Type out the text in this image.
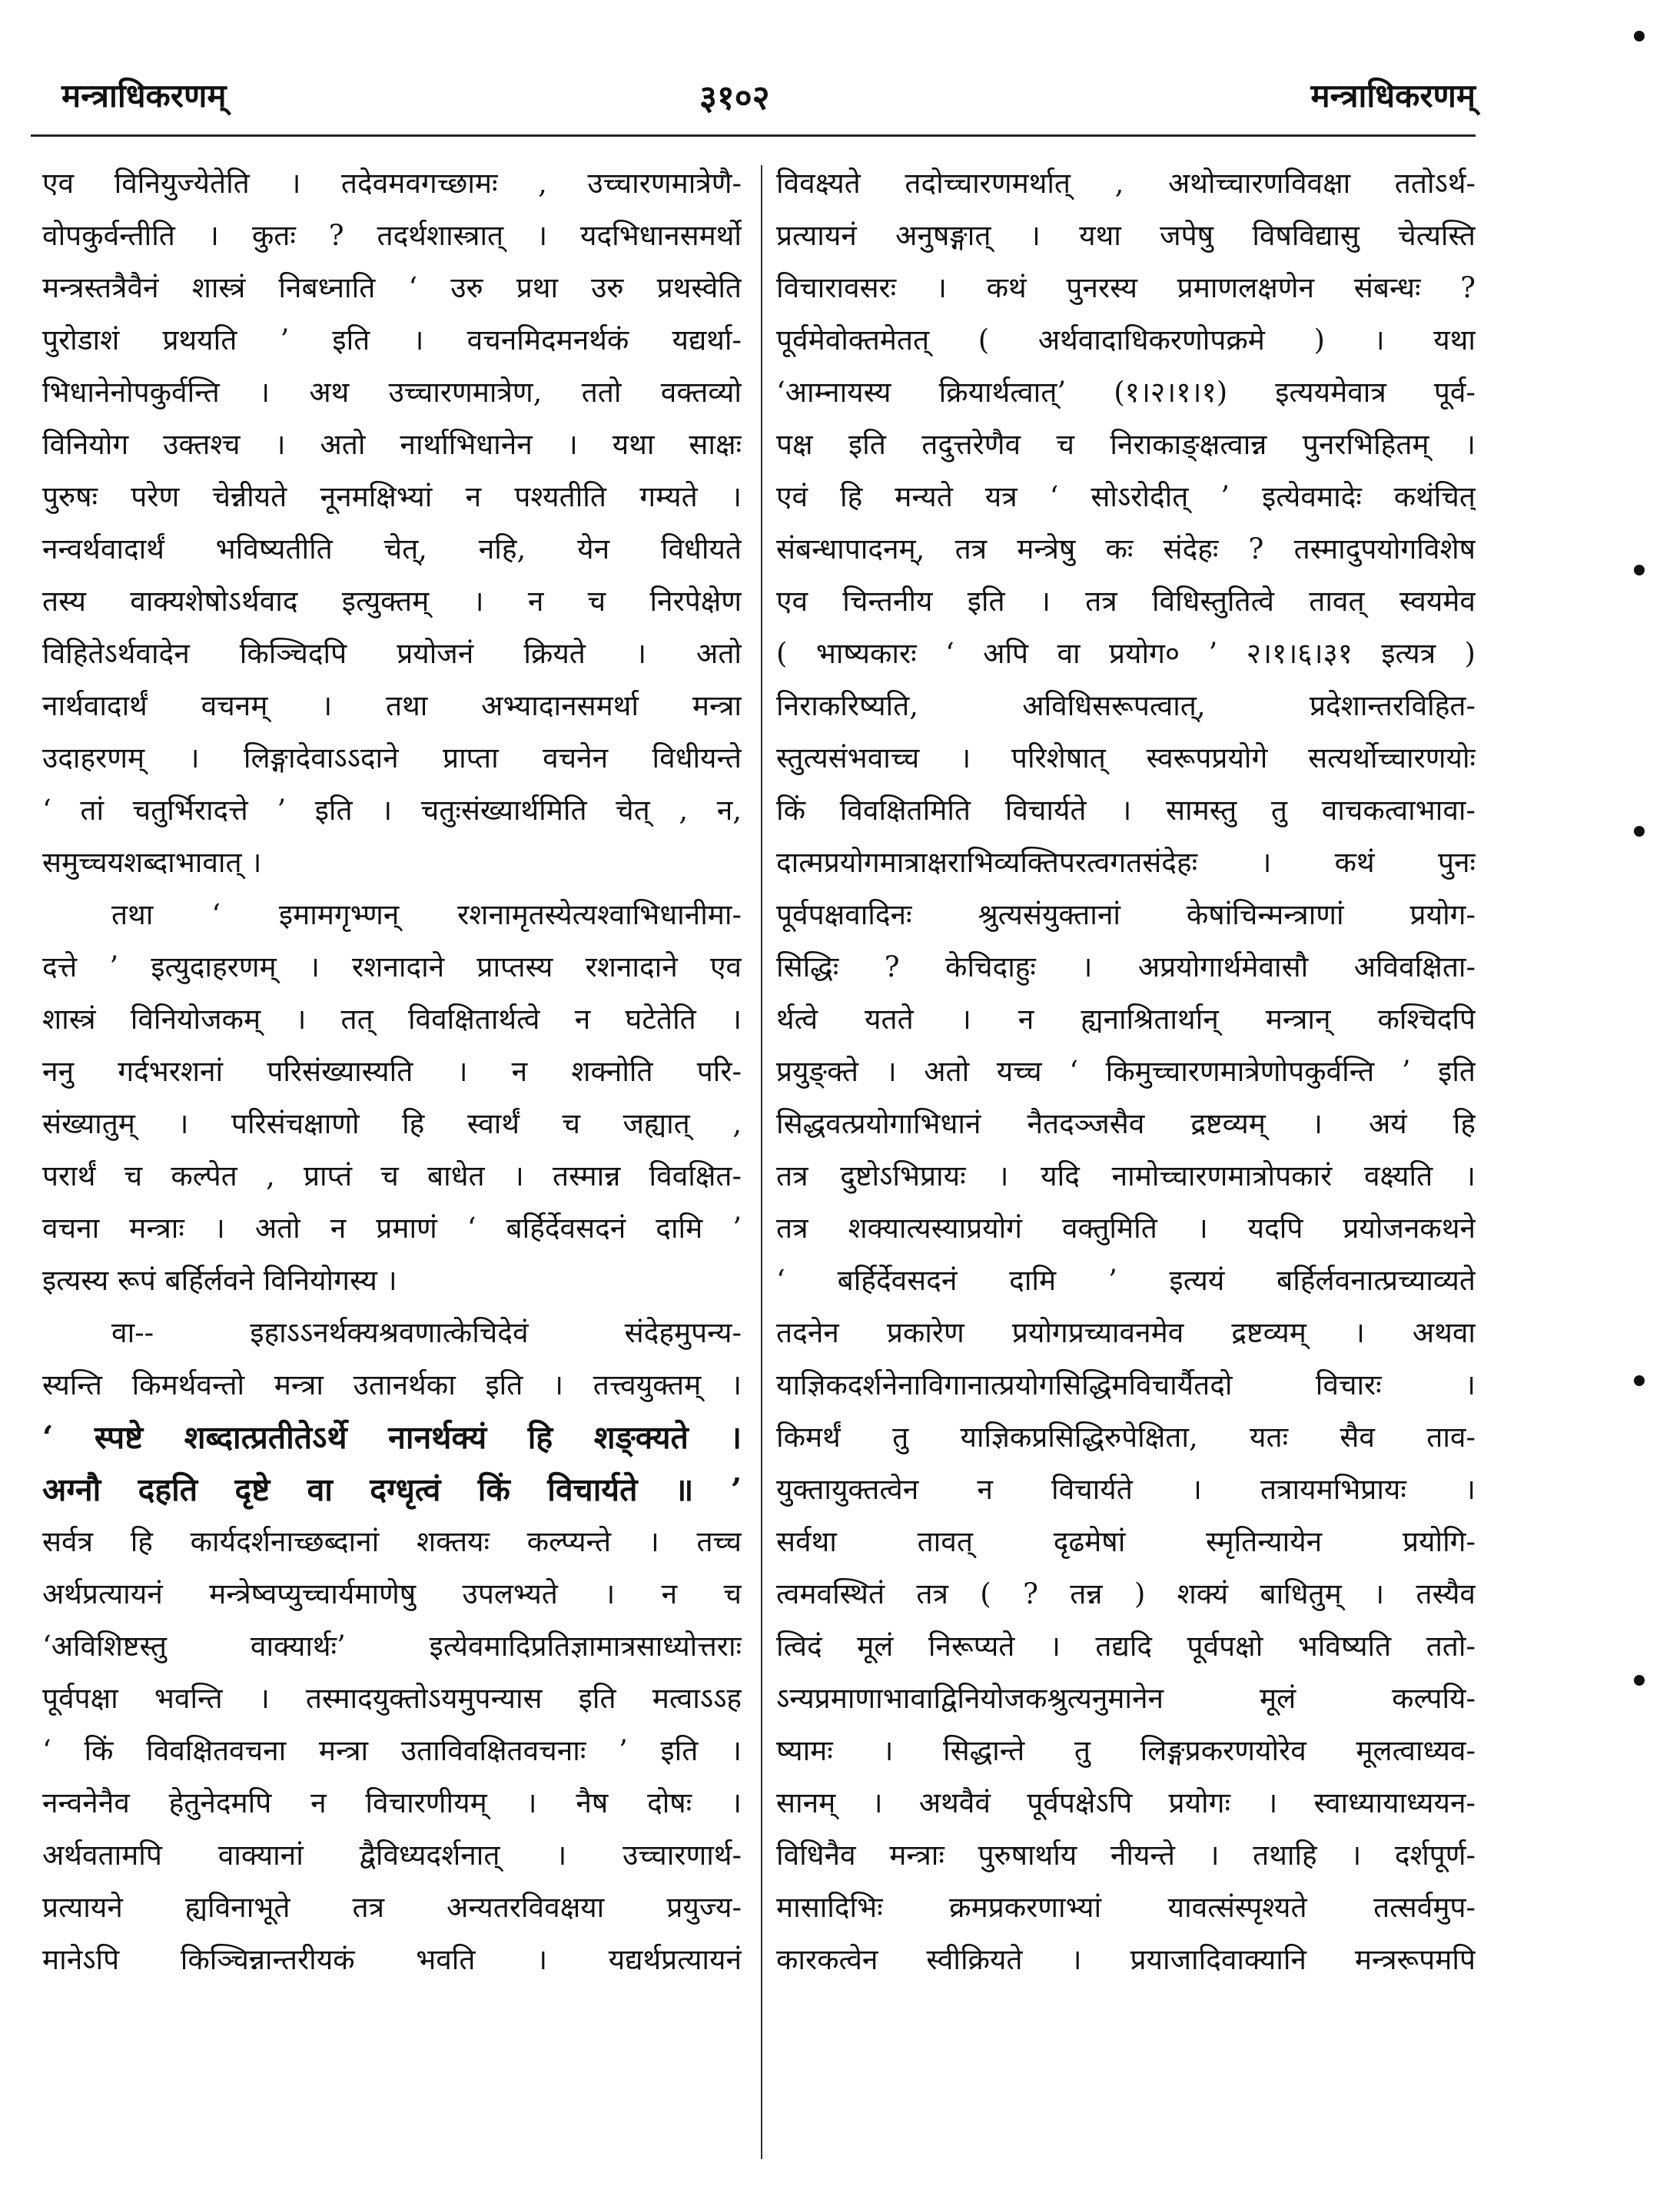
मन्त्राधिकरणम्	३१०२	मन्त्राधिकरणम्
एव विनियुज्येतेति । तदेवमवगच्छामः , उच्चारणमात्रेणै-
वोपकुर्वन्तीति । कुतः ? तदर्थशास्त्रात् । यदभिधानसमर्थो
मन्त्रस्तत्रैवैनं शास्त्रं निबध्नाति ‘ उरु प्रथा उरु प्रथस्वेति
पुरोडाशं प्रथयति ’ इति । वचनमिदमनर्थकं यद्यर्था-
भिधानेनोपकुर्वन्ति । अथ उच्चारणमात्रेण, ततो वक्तव्यो
विनियोग उक्तश्च । अतो नार्थाभिधानेन । यथा साक्षः
पुरुषः परेण चेन्नीयते नूनमक्षिभ्यां न पश्यतीति गम्यते ।
नन्वर्थवादार्थं भविष्यतीति चेत्, नहि, येन विधीयते
तस्य वाक्यशेषोऽर्थवाद इत्युक्तम् । न च निरपेक्षेण
विहितेऽर्थवादेन किञ्चिदपि प्रयोजनं क्रियते । अतो
नार्थवादार्थं वचनम् । तथा अभ्यादानसमर्था मन्त्रा
उदाहरणम् । लिङ्गादेवाऽऽदाने प्राप्ता वचनेन विधीयन्ते
‘ तां चतुर्भिरादत्ते ’ इति । चतुःसंख्यार्थमिति चेत् , न,
समुच्चयशब्दाभावात् ।
तथा ‘ इमामगृभ्णन् रशनामृतस्येत्यश्वाभिधानीमा-
दत्ते ’ इत्युदाहरणम् । रशनादाने प्राप्तस्य रशनादाने एव
शास्त्रं विनियोजकम् । तत् विवक्षितार्थत्वे न घटेतेति ।
ननु गर्दभरशनां परिसंख्यास्यति । न शक्नोति परि-
संख्यातुम् । परिसंचक्षाणो हि स्वार्थं च जह्यात् ,
परार्थं च कल्पेत , प्राप्तं च बाधेत । तस्मान्न विवक्षित-
वचना मन्त्राः । अतो न प्रमाणं ‘ बर्हिर्देवसदनं दामि ’
इत्यस्य रूपं बर्हिर्लवने विनियोगस्य ।
वा-- इहाऽऽनर्थक्यश्रवणात्केचिदेवं संदेहमुपन्य-
स्यन्ति किमर्थवन्तो मन्त्रा उतानर्थका इति । तत्त्वयुक्तम् ।
‘ स्पष्टे शब्दात्प्रतीतेऽर्थे नानर्थक्यं हि शङ्क्यते ।
अग्नौ दहति दृष्टे वा दग्धृत्वं किं विचार्यते ॥ ’
सर्वत्र हि कार्यदर्शनाच्छब्दानां शक्तयः कल्प्यन्ते । तच्च
अर्थप्रत्यायनं मन्त्रेष्वप्युच्चार्यमाणेषु उपलभ्यते । न च
‘अविशिष्टस्तु वाक्यार्थः’ इत्येवमादिप्रतिज्ञामात्रसाध्योत्तराः
पूर्वपक्षा भवन्ति । तस्मादयुक्तोऽयमुपन्यास इति मत्वाऽऽह
‘ किं विवक्षितवचना मन्त्रा उताविवक्षितवचनाः ’ इति ।
नन्वनेनैव हेतुनेदमपि न विचारणीयम् । नैष दोषः ।
अर्थवतामपि वाक्यानां द्वैविध्यदर्शनात् । उच्चारणार्थ-
प्रत्यायने ह्यविनाभूते तत्र अन्यतरविवक्षया प्रयुज्य-
मानेऽपि किञ्चिन्नान्तरीयकं भवति । यद्यर्थप्रत्यायनं
विवक्ष्यते तदोच्चारणमर्थात् , अथोच्चारणविवक्षा ततोऽर्थ-
प्रत्यायनं अनुषङ्गात् । यथा जपेषु विषविद्यासु चेत्यस्ति
विचारावसरः । कथं पुनरस्य प्रमाणलक्षणेन संबन्धः ?
पूर्वमेवोक्तमेतत् ( अर्थवादाधिकरणोपक्रमे ) । यथा
‘आम्नायस्य क्रियार्थत्वात्’ (१।२।१।१) इत्ययमेवात्र पूर्व-
पक्ष इति तदुत्तरेणैव च निराकाङ्क्षत्वान्न पुनरभिहितम् ।
एवं हि मन्यते यत्र ‘ सोऽरोदीत् ’ इत्येवमादेः कथंचित्
संबन्धापादनम्, तत्र मन्त्रेषु कः संदेहः ? तस्मादुपयोगविशेष
एव चिन्तनीय इति । तत्र विधिस्तुतित्वे तावत् स्वयमेव
( भाष्यकारः ‘ अपि वा प्रयोग० ’ २।१।६।३१ इत्यत्र )
निराकरिष्यति, अविधिसरूपत्वात्, प्रदेशान्तरविहित-
स्तुत्यसंभवाच्च । परिशेषात् स्वरूपप्रयोगे सत्यर्थोच्चारणयोः
किं विवक्षितमिति विचार्यते । सामस्तु तु वाचकत्वाभावा-
दात्मप्रयोगमात्राक्षराभिव्यक्तिपरत्वगतसंदेहः । कथं पुनः
पूर्वपक्षवादिनः श्रुत्यसंयुक्तानां केषांचिन्मन्त्राणां प्रयोग-
सिद्धिः ? केचिदाहुः । अप्रयोगार्थमेवासौ अविवक्षिता-
र्थत्वे यतते । न ह्यनाश्रितार्थान् मन्त्रान् कश्चिदपि
प्रयुङ्क्ते । अतो यच्च ‘ किमुच्चारणमात्रेणोपकुर्वन्ति ’ इति
सिद्धवत्प्रयोगाभिधानं नैतदञ्जसैव द्रष्टव्यम् । अयं हि
तत्र दुष्टोऽभिप्रायः । यदि नामोच्चारणमात्रोपकारं वक्ष्यति ।
तत्र शक्यात्यस्याप्रयोगं वक्तुमिति । यदपि प्रयोजनकथने
‘ बर्हिर्देवसदनं दामि ’ इत्ययं बर्हिर्लवनात्प्रच्याव्यते
तदनेन प्रकारेण प्रयोगप्रच्यावनमेव द्रष्टव्यम् । अथवा
याज्ञिकदर्शनेनाविगानात्प्रयोगसिद्धिमविचार्यैतदो विचारः ।
किमर्थं तु याज्ञिकप्रसिद्धिरुपेक्षिता, यतः सैव ताव-
युक्तायुक्तत्वेन न विचार्यते । तत्रायमभिप्रायः ।
सर्वथा तावत् दृढमेषां स्मृतिन्यायेन प्रयोगि-
त्वमवस्थितं तत्र ( ? तन्न ) शक्यं बाधितुम् । तस्यैव
त्विदं मूलं निरूप्यते । तद्यदि पूर्वपक्षो भविष्यति ततो-
ऽन्यप्रमाणाभावाद्विनियोजकश्रुत्यनुमानेन मूलं कल्पयि-
ष्यामः । सिद्धान्ते तु लिङ्गप्रकरणयोरेव मूलत्वाध्यव-
सानम् । अथवैवं पूर्वपक्षेऽपि प्रयोगः । स्वाध्यायाध्ययन-
विधिनैव मन्त्राः पुरुषार्थाय नीयन्ते । तथाहि । दर्शपूर्ण-
मासादिभिः क्रमप्रकरणाभ्यां यावत्संस्पृश्यते तत्सर्वमुप-
कारकत्वेन स्वीक्रियते । प्रयाजादिवाक्यानि मन्त्ररूपमपि
